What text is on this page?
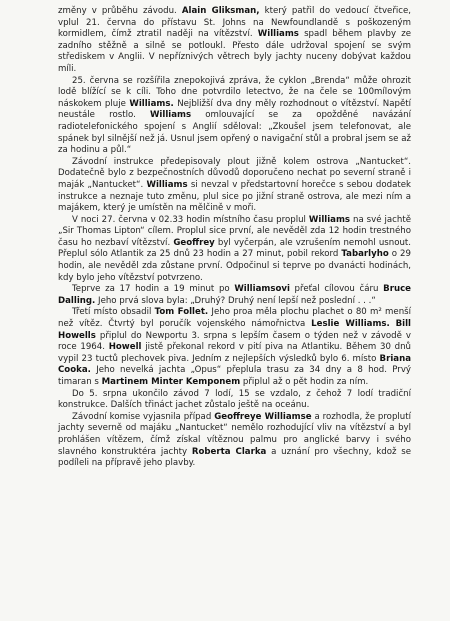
změny v průběhu závodu. Alain Gliksman, který patřil do vedoucí čtveřice, vplul 21. června do přístavu St. Johns na Newfoundlandě s poškozeným kormidlem, čímž ztratil naději na vítězství. Williams spadl během plavby ze zadního stěžně a silně se potloukl. Přesto dále udržoval spojení se svým střediskem v Anglii. V nepříznivých větrech byly jachty nuceny dobývat každou míli.

25. června se rozšířila znepokojivá zpráva, že cyklon „Brenda“ může ohrozit lodě blížící se k cíli. Toho dne potvrdilo letectvo, že na čele se 100mílovým náskokem pluje Williams. Nejbližší dva dny měly rozhodnout o vítězství. Napětí neustále rostlo. Williams omlouvající se za opožděné navázání radiotelefonického spojení s Anglií sděloval: „Zkoušel jsem telefonovat, ale spánek byl silnější než já. Usnul jsem opřený o navigační stůl a probral jsem se až za hodinu a půl.“

Závodní instrukce předepisovaly plout jižně kolem ostrova „Nantucket“. Dodatečně bylo z bezpečnostních důvodů doporučeno nechat po severní straně i maják „Nantucket“. Williams si nevzal v předstartovní horečce s sebou dodatek instrukce a neznaje tuto změnu, plul sice po jižní straně ostrova, ale mezi ním a majákem, který je umístěn na mělčině v moři.

V noci 27. června v 02.33 hodin místního času proplul Williams na své jachtě „Sir Thomas Lipton“ cílem. Proplul sice první, ale nevěděl zda 12 hodin trestného času ho nezbaví vítězství. Geoffrey byl vyčerpán, ale vzrušením nemohl usnout. Přeplul sólo Atlantik za 25 dnů 23 hodin a 27 minut, pobil rekord Tabarlyho o 29 hodin, ale nevěděl zda zůstane první. Odpočinul si teprve po dvanácti hodinách, kdy bylo jeho vítězství potvrzeno.

Teprve za 17 hodin a 19 minut po Williamsovi přeťal cílovou čáru Bruce Dalling. Jeho prvá slova byla: „Druhý? Druhý není lepší než poslední . . .“

Třetí místo obsadil Tom Follet. Jeho proa měla plochu plachet o 80 m² menší než vítěz. Čtvrtý byl poručík vojenského námořnictva Leslie Williams. Bill Howells připlul do Newportu 3. srpna s lepším časem o týden než v závodě v roce 1964. Howell jistě překonal rekord v pití piva na Atlantiku. Během 30 dnů vypil 23 tuctů plechovek piva. Jedním z nejlepších výsledků bylo 6. místo Briana Cooka. Jeho nevelká jachta „Opus“ přeplula trasu za 34 dny a 8 hod. Prvý timaran s Martinem Minter Kemponem připlul až o pět hodin za ním.

Do 5. srpna ukončilo závod 7 lodí, 15 se vzdalo, z čehož 7 lodí tradiční konstrukce. Dalších třináct jachet zůstalo ještě na oceánu.

Závodní komise vyjasnila případ Geoffreye Williamse a rozhodla, že proplutí jachty severně od majáku „Nantucket“ nemělo rozhodující vliv na vítězství a byl prohlášen vítězem, čímž získal vítěznou palmu pro anglické barvy i svého slavného konstruktéra jachty Roberta Clarka a uznání pro všechny, kdož se podíleli na přípravě jeho plavby.
